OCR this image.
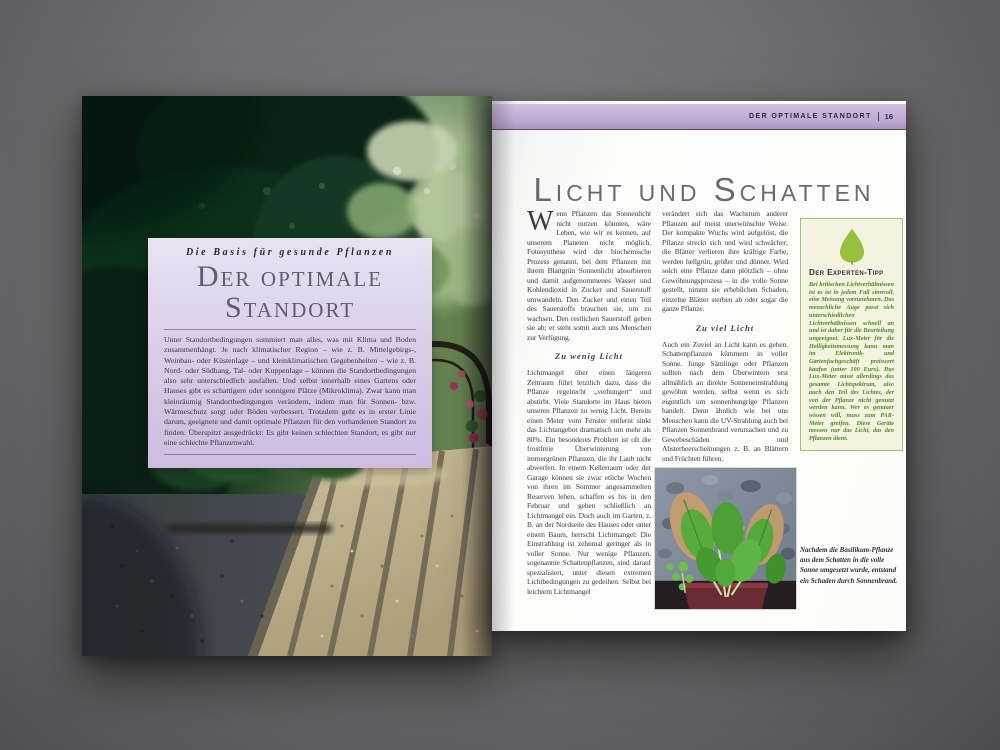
Die Basis für gesunde Pflanzen
Der optimale
Standort
Unter Standortbedingungen summiert man alles, was mit Klima und Boden zusammenhängt. Je nach klimatischer Region – wie z. B. Mittelgebirgs-, Weinbau- oder Küstenlage – und kleinklimatischen Gegebenheiten – wie z. B. Nord- oder Südhang, Tal- oder Kuppenlage – können die Standortbedingungen also sehr unterschiedlich ausfallen. Und selbst innerhalb eines Gartens oder Hauses gibt es schattigere oder sonnigere Plätze (Mikroklima). Zwar kann man kleinräumig Standortbedingungen verändern, indem man für Sonnen- bzw. Wärmeschutz sorgt oder Böden verbessert. Trotzdem geht es in erster Linie darum, geeignete und damit optimale Pflanzen für den vorhandenen Standort zu finden. Überspitzt ausgedrückt: Es gibt keinen schlechten Standort, es gibt nur eine schlechte Pflanzenwahl.
DER OPTIMALE STANDORT 16
Licht und Schatten
Wenn Pflanzen das Sonnenlicht nicht nutzen könnten, wäre Leben, wie wir es kennen, auf unserem Planeten nicht möglich. Fotosynthese wird der biochemische Prozess genannt, bei dem Pflanzen mit ihrem Blattgrün Sonnenlicht absorbieren und damit aufgenommenes Wasser und Kohlendioxid in Zucker und Sauerstoff umwandeln. Den Zucker und einen Teil des Sauerstoffs brauchen sie, um zu wachsen. Den restlichen Sauerstoff geben sie ab; er steht somit auch uns Menschen zur Verfügung.
Zu wenig Licht
Lichtmangel über einen längeren Zeitraum führt letztlich dazu, dass die Pflanze regelrecht „verhungert“ und abstirbt. Viele Standorte im Haus bieten unseren Pflanzen zu wenig Licht. Bereits einen Meter vom Fenster entfernt sinkt das Lichtangebot dramatisch um mehr als 80%. Ein besonderes Problem ist oft die frostfreie Überwinterung von immergrünen Pflanzen, die ihr Laub nicht abwerfen. In einem Kellerraum oder der Garage können sie zwar etliche Wochen von ihren im Sommer angesammelten Reserven leben, schaffen es bis in den Februar und gehen schließlich an Lichtmangel ein. Doch auch im Garten, z. B. an der Nordseite des Hauses oder unter einem Baum, herrscht Lichtmangel: Die Einstrahlung ist zehnmal geringer als in voller Sonne. Nur wenige Pflanzen, sogenannte Schattenpflanzen, sind darauf spezialisiert, unter diesen extremen Lichtbedingungen zu gedeihen. Selbst bei leichtem Lichtmangel
verändert sich das Wachstum anderer Pflanzen auf meist unerwünschte Weise. Der kompakte Wuchs wird aufgelöst, die Pflanze streckt sich und wird schwächer; die Blätter verlieren ihre kräftige Farbe, werden hellgrün, größer und dünner. Wird solch eine Pflanze dann plötzlich – ohne Gewöhnungsprozess – in die volle Sonne gestellt, nimmt sie erheblichen Schaden, einzelne Blätter sterben ab oder sogar die ganze Pflanze.
Zu viel Licht
Auch ein Zuviel an Licht kann es geben. Schattenpflanzen kümmern in voller Sonne. Junge Sämlinge oder Pflanzen sollten nach dem Überwintern erst allmählich an direkte Sonneneinstrahlung gewöhnt werden, selbst wenn es sich eigentlich um sonnenhungrige Pflanzen handelt. Denn ähnlich wie bei uns Menschen kann die UV-Strahlung auch bei Pflanzen Sonnenbrand verursachen und zu Gewebeschäden und Absterbeerscheinungen z. B. an Blättern und Früchten führen.
Der Experten-Tipp
Bei kritischen Lichtverhältnissen ist es ist in jedem Fall sinnvoll, eine Messung vorzunehmen. Das menschliche Auge passt sich unterschiedlichen Lichtverhältnissen schnell an und ist daher für die Beurteilung ungeeignet. Lux-Meter für die Helligkeitsmessung kann man im Elektronik- und Gartenfachgeschäft preiswert kaufen (unter 100 Euro). Das Lux-Meter misst allerdings das gesamte Lichtspektrum, also auch den Teil des Lichtes, der von der Pflanze nicht genutzt werden kann. Wer es genauer wissen will, muss zum PAR-Meter greifen. Diese Geräte messen nur das Licht, das den Pflanzen dient.
Nachdem die Basilikum-Pflanze aus dem Schatten in die volle Sonne umgesetzt wurde, entstand ein Schaden durch Sonnenbrand.
